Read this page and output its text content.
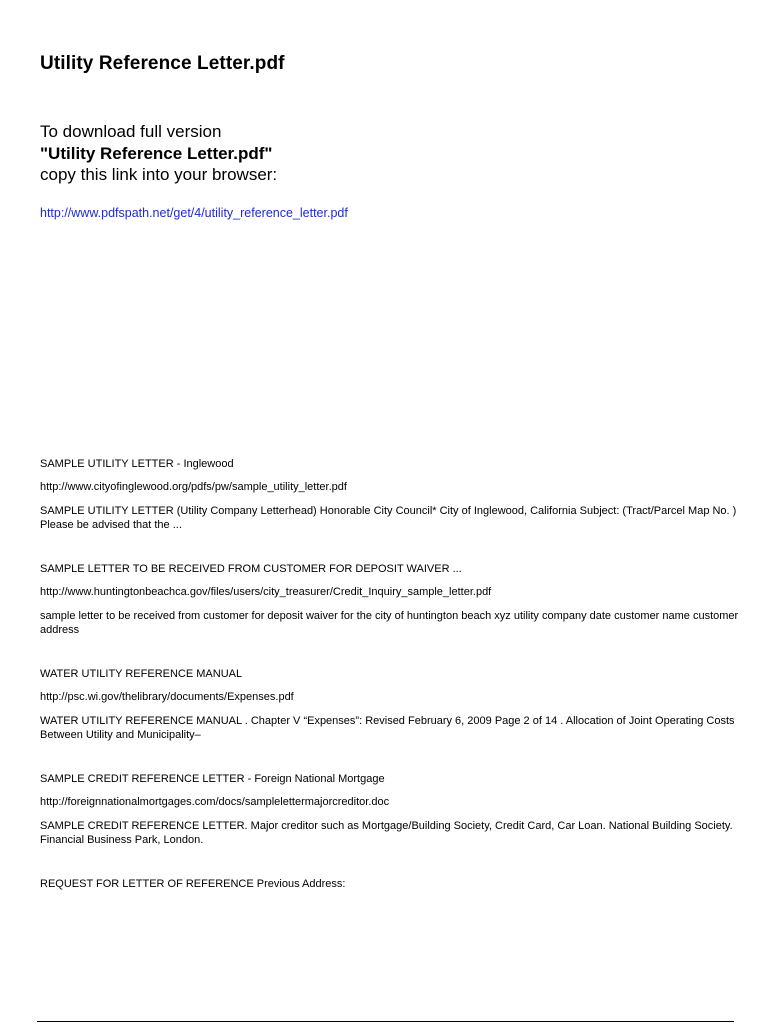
Utility Reference Letter.pdf
To download full version
"Utility Reference Letter.pdf"
copy this link into your browser:
http://www.pdfspath.net/get/4/utility_reference_letter.pdf

SAMPLE UTILITY LETTER - Inglewood

http://www.cityofinglewood.org/pdfs/pw/sample_utility_letter.pdf

SAMPLE UTILITY LETTER (Utility Company Letterhead) Honorable City Council* City of Inglewood, California Subject: (Tract/Parcel Map No. ) Please be advised that the ...

SAMPLE LETTER TO BE RECEIVED FROM CUSTOMER FOR DEPOSIT WAIVER ...

http://www.huntingtonbeachca.gov/files/users/city_treasurer/Credit_Inquiry_sample_letter.pdf

sample letter to be received from customer for deposit waiver for the city of huntington beach xyz utility company date customer name customer address

WATER UTILITY REFERENCE MANUAL

http://psc.wi.gov/thelibrary/documents/Expenses.pdf

WATER UTILITY REFERENCE MANUAL . Chapter V “Expenses”: Revised February 6, 2009 Page 2 of 14 . Allocation of Joint Operating Costs Between Utility and Municipality–

SAMPLE CREDIT REFERENCE LETTER - Foreign National Mortgage

http://foreignnationalmortgages.com/docs/samplelettermajorcreditor.doc

SAMPLE CREDIT REFERENCE LETTER. Major creditor such as Mortgage/Building Society, Credit Card, Car Loan. National Building Society. Financial Business Park, London.

REQUEST FOR LETTER OF REFERENCE Previous Address:
